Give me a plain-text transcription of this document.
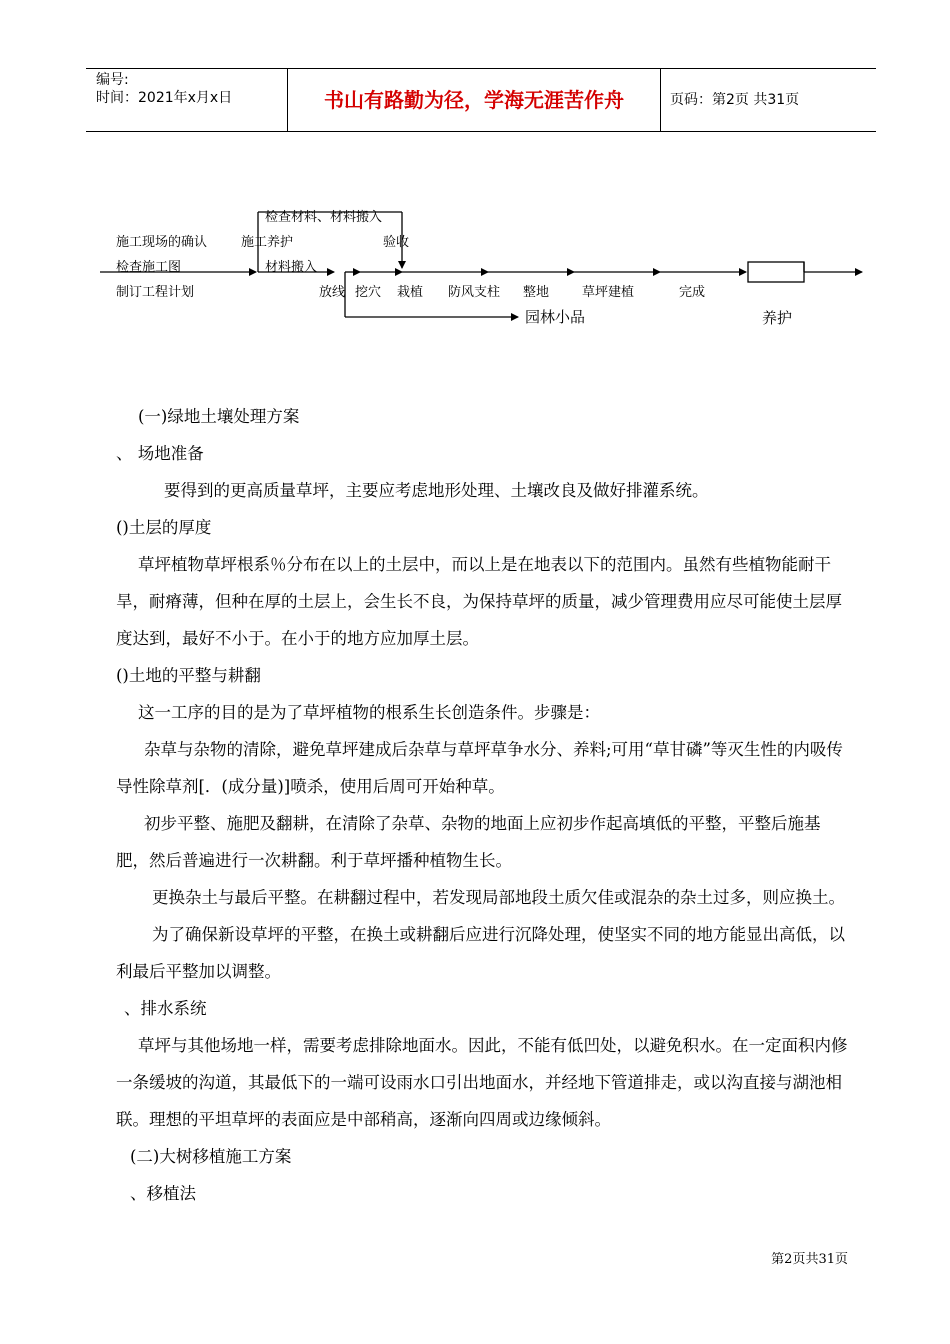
编号:
时间：2021年x月x日	书山有路勤为径，学海无涯苦作舟	页码：第2页 共31页
施工现场的确认
检查施工图
制订工程计划
检查材料、材料搬入
施工养护	验收
材料搬入
放线 挖穴 栽植 防风支柱 整地	草坪建植	完成
园林小品	养护

(一)绿地土壤处理方案

、 场地准备

要得到的更高质量草坪，主要应考虑地形处理、土壤改良及做好排灌系统。

()土层的厚度

草坪植物草坪根系％分布在以上的土层中，而以上是在地表以下的范围内。虽然有些植物能耐干旱，耐瘠薄，但种在厚的土层上，会生长不良，为保持草坪的质量，减少管理费用应尽可能使土层厚度达到，最好不小于。在小于的地方应加厚土层。

()土地的平整与耕翻

这一工序的目的是为了草坪植物的根系生长创造条件。步骤是：

杂草与杂物的清除，避免草坪建成后杂草与草坪草争水分、养料;可用“草甘磷”等灭生性的内吸传导性除草剂[．(成分量)]喷杀，使用后周可开始种草。

初步平整、施肥及翻耕，在清除了杂草、杂物的地面上应初步作起高填低的平整，平整后施基肥，然后普遍进行一次耕翻。利于草坪播种植物生长。

更换杂土与最后平整。在耕翻过程中，若发现局部地段土质欠佳或混杂的杂土过多，则应换土。

为了确保新设草坪的平整，在换土或耕翻后应进行沉降处理，使坚实不同的地方能显出高低，以利最后平整加以调整。

、排水系统

草坪与其他场地一样，需要考虑排除地面水。因此，不能有低凹处，以避免积水。在一定面积内修一条缓坡的沟道，其最低下的一端可设雨水口引出地面水，并经地下管道排走，或以沟直接与湖池相联。理想的平坦草坪的表面应是中部稍高，逐渐向四周或边缘倾斜。

(二)大树移植施工方案

、移植法

第2页共31页
